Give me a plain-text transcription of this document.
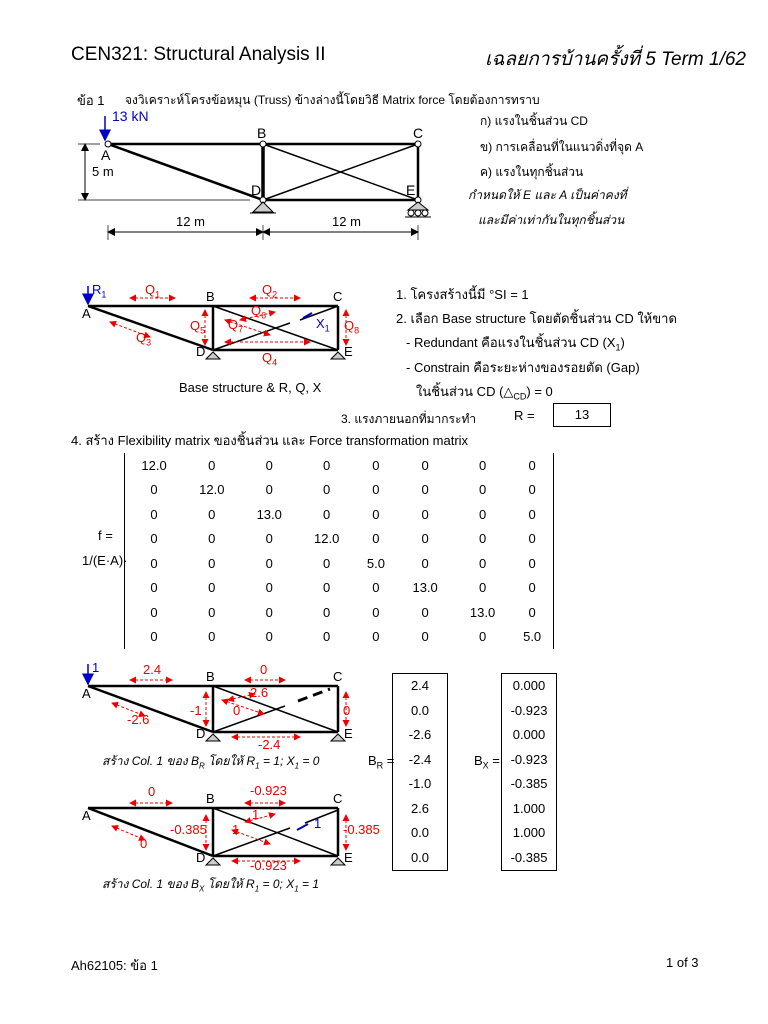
CEN321: Structural Analysis II	เฉลยการบ้านครั้งที่ 5 Term 1/62
ข้อ 1 จงวิเคราะห์โครงข้อหมุน (Truss) ข้างล่างนี้โดยวิธี Matrix force โดยต้องการทราบ
ก) แรงในชิ้นส่วน CD
ข) การเคลื่อนที่ในแนวดิ่งที่จุด A
ค) แรงในทุกชิ้นส่วน
กำหนดให้ E และ A เป็นค่าคงที่
และมีค่าเท่ากันในทุกชิ้นส่วน
13 kN
A
B	C
D	E
5 m
12 m	12 m
$R_1$
A
B	C
D	E
$Q_1$	$Q_2$
$Q_3$
$Q_4$
$Q_5$
$Q_6$
$Q_7$	$Q_8$
$X_1$
Base structure & R, Q, X
1. โครงสร้างนี้มี °SI = 1
2. เลือก Base structure โดยตัดชิ้นส่วน CD ให้ขาด
- Redundant คือแรงในชิ้นส่วน CD $(X_1)$
- Constrain คือระยะห่างของรอยตัด (Gap)
ในชิ้นส่วน CD $(\triangle_{CD}) = 0$
3. แรงภายนอกที่มากระทำ	R =	13
4. สร้าง Flexibility matrix ของชิ้นส่วน และ Force transformation matrix
f =
1/(E·A)·
12.0	0	0	0	0	0	0	0
0	12.0	0	0	0	0	0	0
0	0	13.0	0	0	0	0	0
0	0	0	12.0	0	0	0	0
0	0	0	0	5.0	0	0	0
0	0	0	0	0	13.0	0	0
0	0	0	0	0	0	13.0	0
0	0	0	0	0	0	0	5.0
1
A
B	C
D	E
2.4	0
-2.6
-1 0
2.6
0
-2.4
สร้าง Col. 1 ของ $B_R$ โดยให้ $R_1 = 1$; $X_1 = 0$
A
B	C
D	E
0	-0.923
0
-0.385 1
1
1 -0.385
-0.923
สร้าง Col. 1 ของ $B_X$ โดยให้ $R_1 = 0$; $X_1 = 1$
$B_R$ =
2.4
0.0
-2.6
-2.4
-1.0
2.6
0.0
0.0
$B_X$ =
0.000
-0.923
0.000
-0.923
-0.385
1.000
1.000
-0.385
Ah62105: ข้อ 1	1 of 3
